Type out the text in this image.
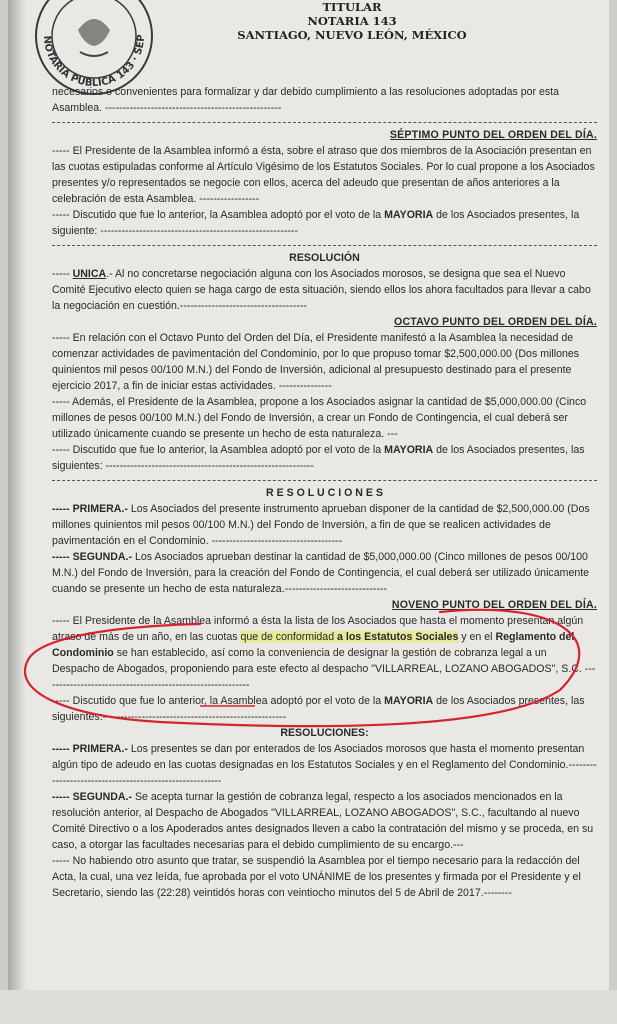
NOTARIA PUBLICA 143 · SEP
TITULAR
NOTARIA 143
SANTIAGO, NUEVO LEÓN, MÉXICO

necesarios o convenientes para formalizar y dar debido cumplimiento a las resoluciones adoptadas por esta Asamblea. --------------------------------------------------

SÉPTIMO PUNTO DEL ORDEN DEL DÍA.

----- El Presidente de la Asamblea informó a ésta, sobre el atraso que dos miembros de la Asociación presentan en las cuotas estipuladas conforme al Artículo Vigésimo de los Estatutos Sociales. Por lo cual propone a los Asociados presentes y/o representados se negocie con ellos, acerca del adeudo que presentan de años anteriores a la celebración de esta Asamblea. -----------------

----- Discutido que fue lo anterior, la Asamblea adoptó por el voto de la MAYORIA de los Asociados presentes, la siguiente: --------------------------------------------------------

RESOLUCIÓN

----- UNICA.- Al no concretarse negociación alguna con los Asociados morosos, se designa que sea el Nuevo Comité Ejecutivo electo quien se haga cargo de esta situación, siendo ellos los ahora facultados para llevar a cabo la negociación en cuestión.------------------------------------

OCTAVO PUNTO DEL ORDEN DEL DÍA.

----- En relación con el Octavo Punto del Orden del Día, el Presidente manifestó a la Asamblea la necesidad de comenzar actividades de pavimentación del Condominio, por lo que propuso tomar $2,500,000.00 (Dos millones quinientos mil pesos 00/100 M.N.) del Fondo de Inversión, adicional al presupuesto destinado para el presente ejercicio 2017, a fin de iniciar estas actividades. ---------------

----- Además, el Presidente de la Asamblea, propone a los Asociados asignar la cantidad de $5,000,000.00 (Cinco millones de pesos 00/100 M.N.) del Fondo de Inversión, a crear un Fondo de Contingencia, el cual deberá ser utilizado únicamente cuando se presente un hecho de esta naturaleza. ---

----- Discutido que fue lo anterior, la Asamblea adoptó por el voto de la MAYORIA de los Asociados presentes, las siguientes: -----------------------------------------------------------

R E S O L U C I O N E S

----- PRIMERA.- Los Asociados del presente instrumento aprueban disponer de la cantidad de $2,500,000.00 (Dos millones quinientos mil pesos 00/100 M.N.) del Fondo de Inversión, a fin de que se realicen actividades de pavimentación en el Condominio. -------------------------------------

----- SEGUNDA.- Los Asociados aprueban destinar la cantidad de $5,000,000.00 (Cinco millones de pesos 00/100 M.N.) del Fondo de Inversión, para la creación del Fondo de Contingencia, el cual deberá ser utilizado únicamente cuando se presente un hecho de esta naturaleza.-----------------------------

NOVENO PUNTO DEL ORDEN DEL DÍA.

----- El Presidente de la Asamblea informó a ésta la lista de los Asociados que hasta el momento presentan algún atraso de más de un año, en las cuotas que de conformidad a los Estatutos Sociales y en el Reglamento del Condominio se han establecido, así como la conveniencia de designar la gestión de cobranza legal a un Despacho de Abogados, proponiendo para este efecto al despacho "VILLARREAL, LOZANO ABOGADOS", S.C. -----------------------------------------------------------

----- Discutido que fue lo anterior, la Asamblea adoptó por el voto de la MAYORIA de los Asociados presentes, las siguientes:----------------------------------------------------

RESOLUCIONES:

----- PRIMERA.- Los presentes se dan por enterados de los Asociados morosos que hasta el momento presentan algún tipo de adeudo en las cuotas designadas en los Estatutos Sociales y en el Reglamento del Condominio.--------------------------------------------------------

----- SEGUNDA.- Se acepta turnar la gestión de cobranza legal, respecto a los asociados mencionados en la resolución anterior, al Despacho de Abogados "VILLARREAL, LOZANO ABOGADOS", S.C., facultando al nuevo Comité Directivo o a los Apoderados antes designados lleven a cabo la contratación del mismo y se proceda, en su caso, a otorgar las facultades necesarias para el debido cumplimiento de su encargo.---

----- No habiendo otro asunto que tratar, se suspendió la Asamblea por el tiempo necesario para la redacción del Acta, la cual, una vez leída, fue aprobada por el voto UNÁNIME de los presentes y firmada por el Presidente y el Secretario, siendo las (22:28) veintidós horas con veintiocho minutos del 5 de Abril de 2017.--------
